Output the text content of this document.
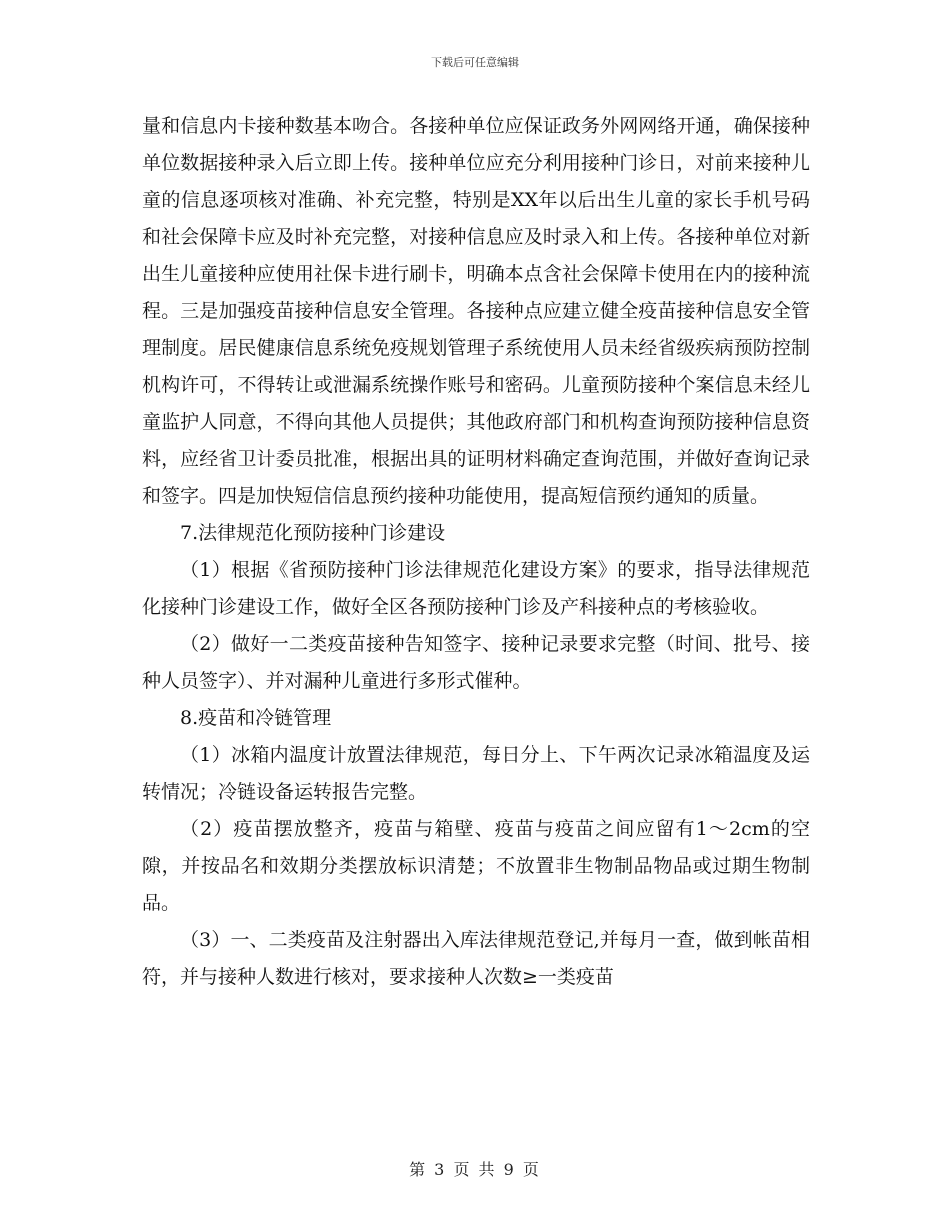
下载后可任意编辑

量和信息内卡接种数基本吻合。各接种单位应保证政务外网网络开通，确保接种单位数据接种录入后立即上传。接种单位应充分利用接种门诊日，对前来接种儿童的信息逐项核对准确、补充完整，特别是XX年以后出生儿童的家长手机号码和社会保障卡应及时补充完整，对接种信息应及时录入和上传。各接种单位对新出生儿童接种应使用社保卡进行刷卡，明确本点含社会保障卡使用在内的接种流程。三是加强疫苗接种信息安全管理。各接种点应建立健全疫苗接种信息安全管理制度。居民健康信息系统免疫规划管理子系统使用人员未经省级疾病预防控制机构许可，不得转让或泄漏系统操作账号和密码。儿童预防接种个案信息未经儿童监护人同意，不得向其他人员提供；其他政府部门和机构查询预防接种信息资料，应经省卫计委员批准，根据出具的证明材料确定查询范围，并做好查询记录和签字。四是加快短信信息预约接种功能使用，提高短信预约通知的质量。

7.法律规范化预防接种门诊建设

（1）根据《省预防接种门诊法律规范化建设方案》的要求，指导法律规范化接种门诊建设工作，做好全区各预防接种门诊及产科接种点的考核验收。

（2）做好一二类疫苗接种告知签字、接种记录要求完整（时间、批号、接种人员签字）、并对漏种儿童进行多形式催种。

8.疫苗和冷链管理

（1）冰箱内温度计放置法律规范，每日分上、下午两次记录冰箱温度及运转情况；冷链设备运转报告完整。

（2）疫苗摆放整齐，疫苗与箱壁、疫苗与疫苗之间应留有1～2cm的空隙，并按品名和效期分类摆放标识清楚；不放置非生物制品物品或过期生物制品。

（3）一、二类疫苗及注射器出入库法律规范登记,并每月一查，做到帐苗相符，并与接种人数进行核对，要求接种人次数≥一类疫苗

第 3 页 共 9 页
